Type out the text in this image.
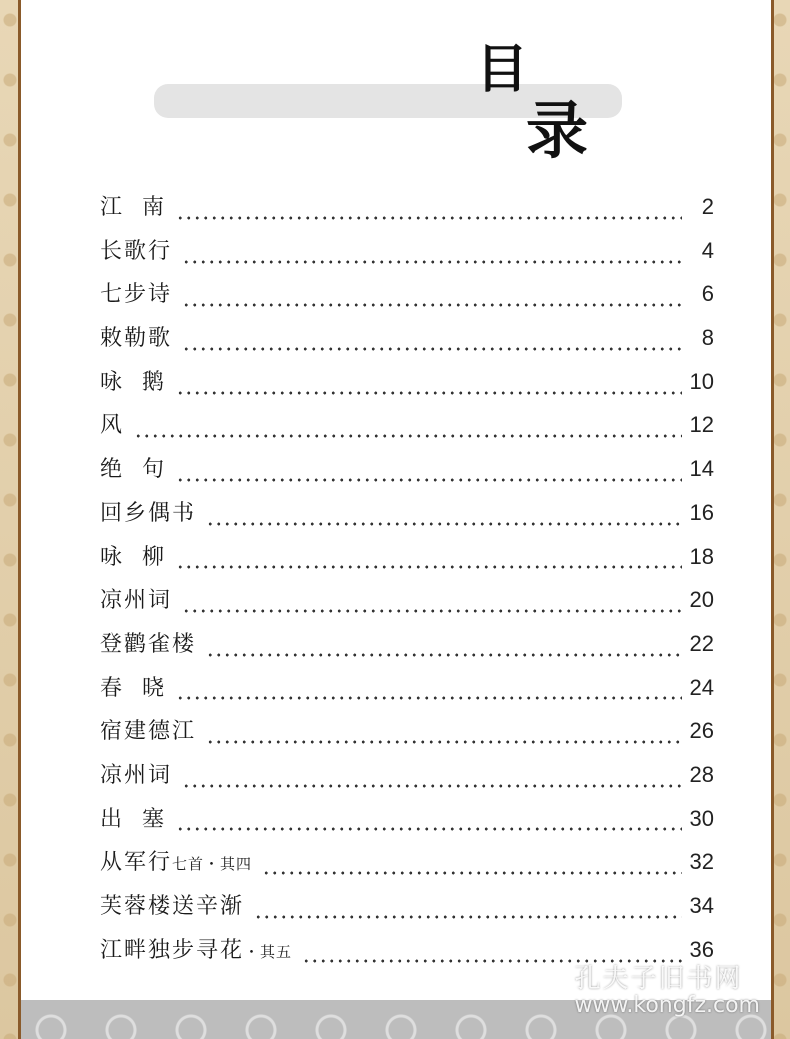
目
录
江  南	2
长歌行	4
七步诗	6
敕勒歌	8
咏  鹅	10
风	12
绝  句	14
回乡偶书	16
咏  柳	18
凉州词	20
登鹳雀楼	22
春  晓	24
宿建德江	26
凉州词	28
出  塞	30
从军行 七首・其四	32
芙蓉楼送辛渐	34
江畔独步寻花 ・其五	36
孔夫子旧书网
www.kongfz.com
